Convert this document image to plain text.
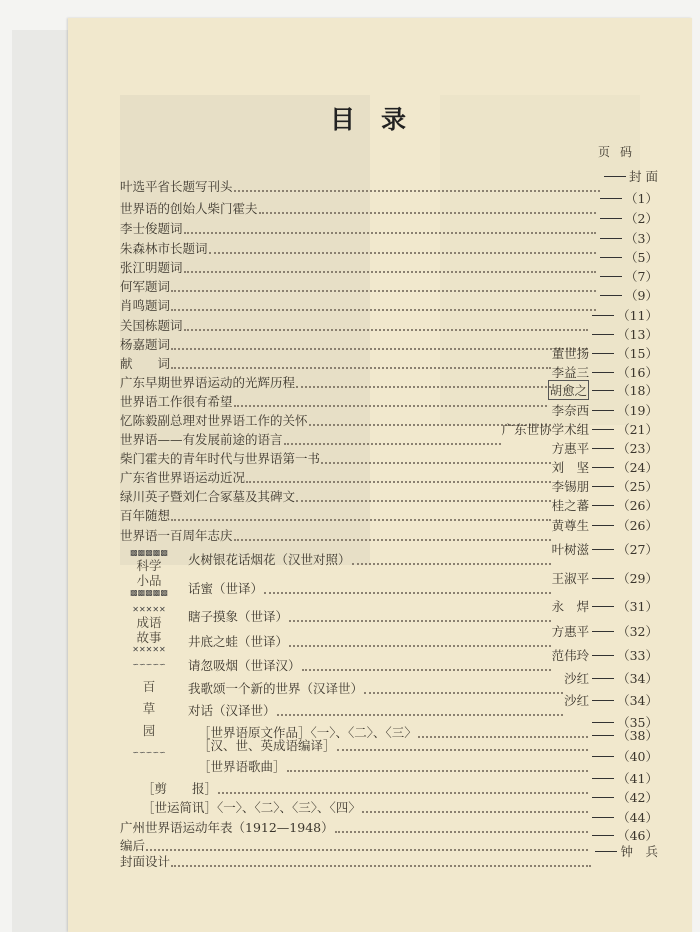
目录
页码
▩▩▩▩▩
科学小品
▩▩▩▩▩
✕✕✕✕✕
成语故事
✕✕✕✕✕
∽∽∽∽∽
百草园
∽∽∽∽∽
叶选平省长题写刊头
封 面
世界语的创始人柴门霍夫
（1）
李士俊题词
（2）
朱森林市长题词
（3）
张江明题词
（5）
何军题词
（7）
肖鸣题词
（9）
关国栋题词
（11）
杨嘉题词
（13）
献　　词
董世扬 （15）
广东早期世界语运动的光辉历程
李益三 （16）
世界语工作很有希望
胡愈之 （18）
忆陈毅副总理对世界语工作的关怀
李奈西 （19）
世界语——有发展前途的语言
广东世协学术组 （21）
柴门霍夫的青年时代与世界语第一书
方惠平 （23）
广东省世界语运动近况
刘　坚 （24）
绿川英子暨刘仁合冢墓及其碑文
李锡朋 （25）
百年随想
桂之蕃 （26）
世界语一百周年志庆
黄尊生 （26）
火树银花话烟花（汉世对照）
叶树滋 （27）
话蜜（世译）
王淑平 （29）
瞎子摸象（世译）
永　焊 （31）
井底之蛙（世译）
方惠平 （32）
请忽吸烟（世译汉）
范伟玲 （33）
我歌颂一个新的世界（汉译世）
沙红 （34）
对话（汉译世）
沙红 （34）
［世界语原文作品］〈一〉、〈二〉、〈三〉
（35）
［汉、世、英成语编译］
（38）
［世界语歌曲］
（40）
［剪　　报］
（41）
［世运简讯］〈一〉、〈二〉、〈三〉、〈四〉
（42）
广州世界语运动年表（1912—1948）
（44）
编后
（46）
封面设计
钟　兵
